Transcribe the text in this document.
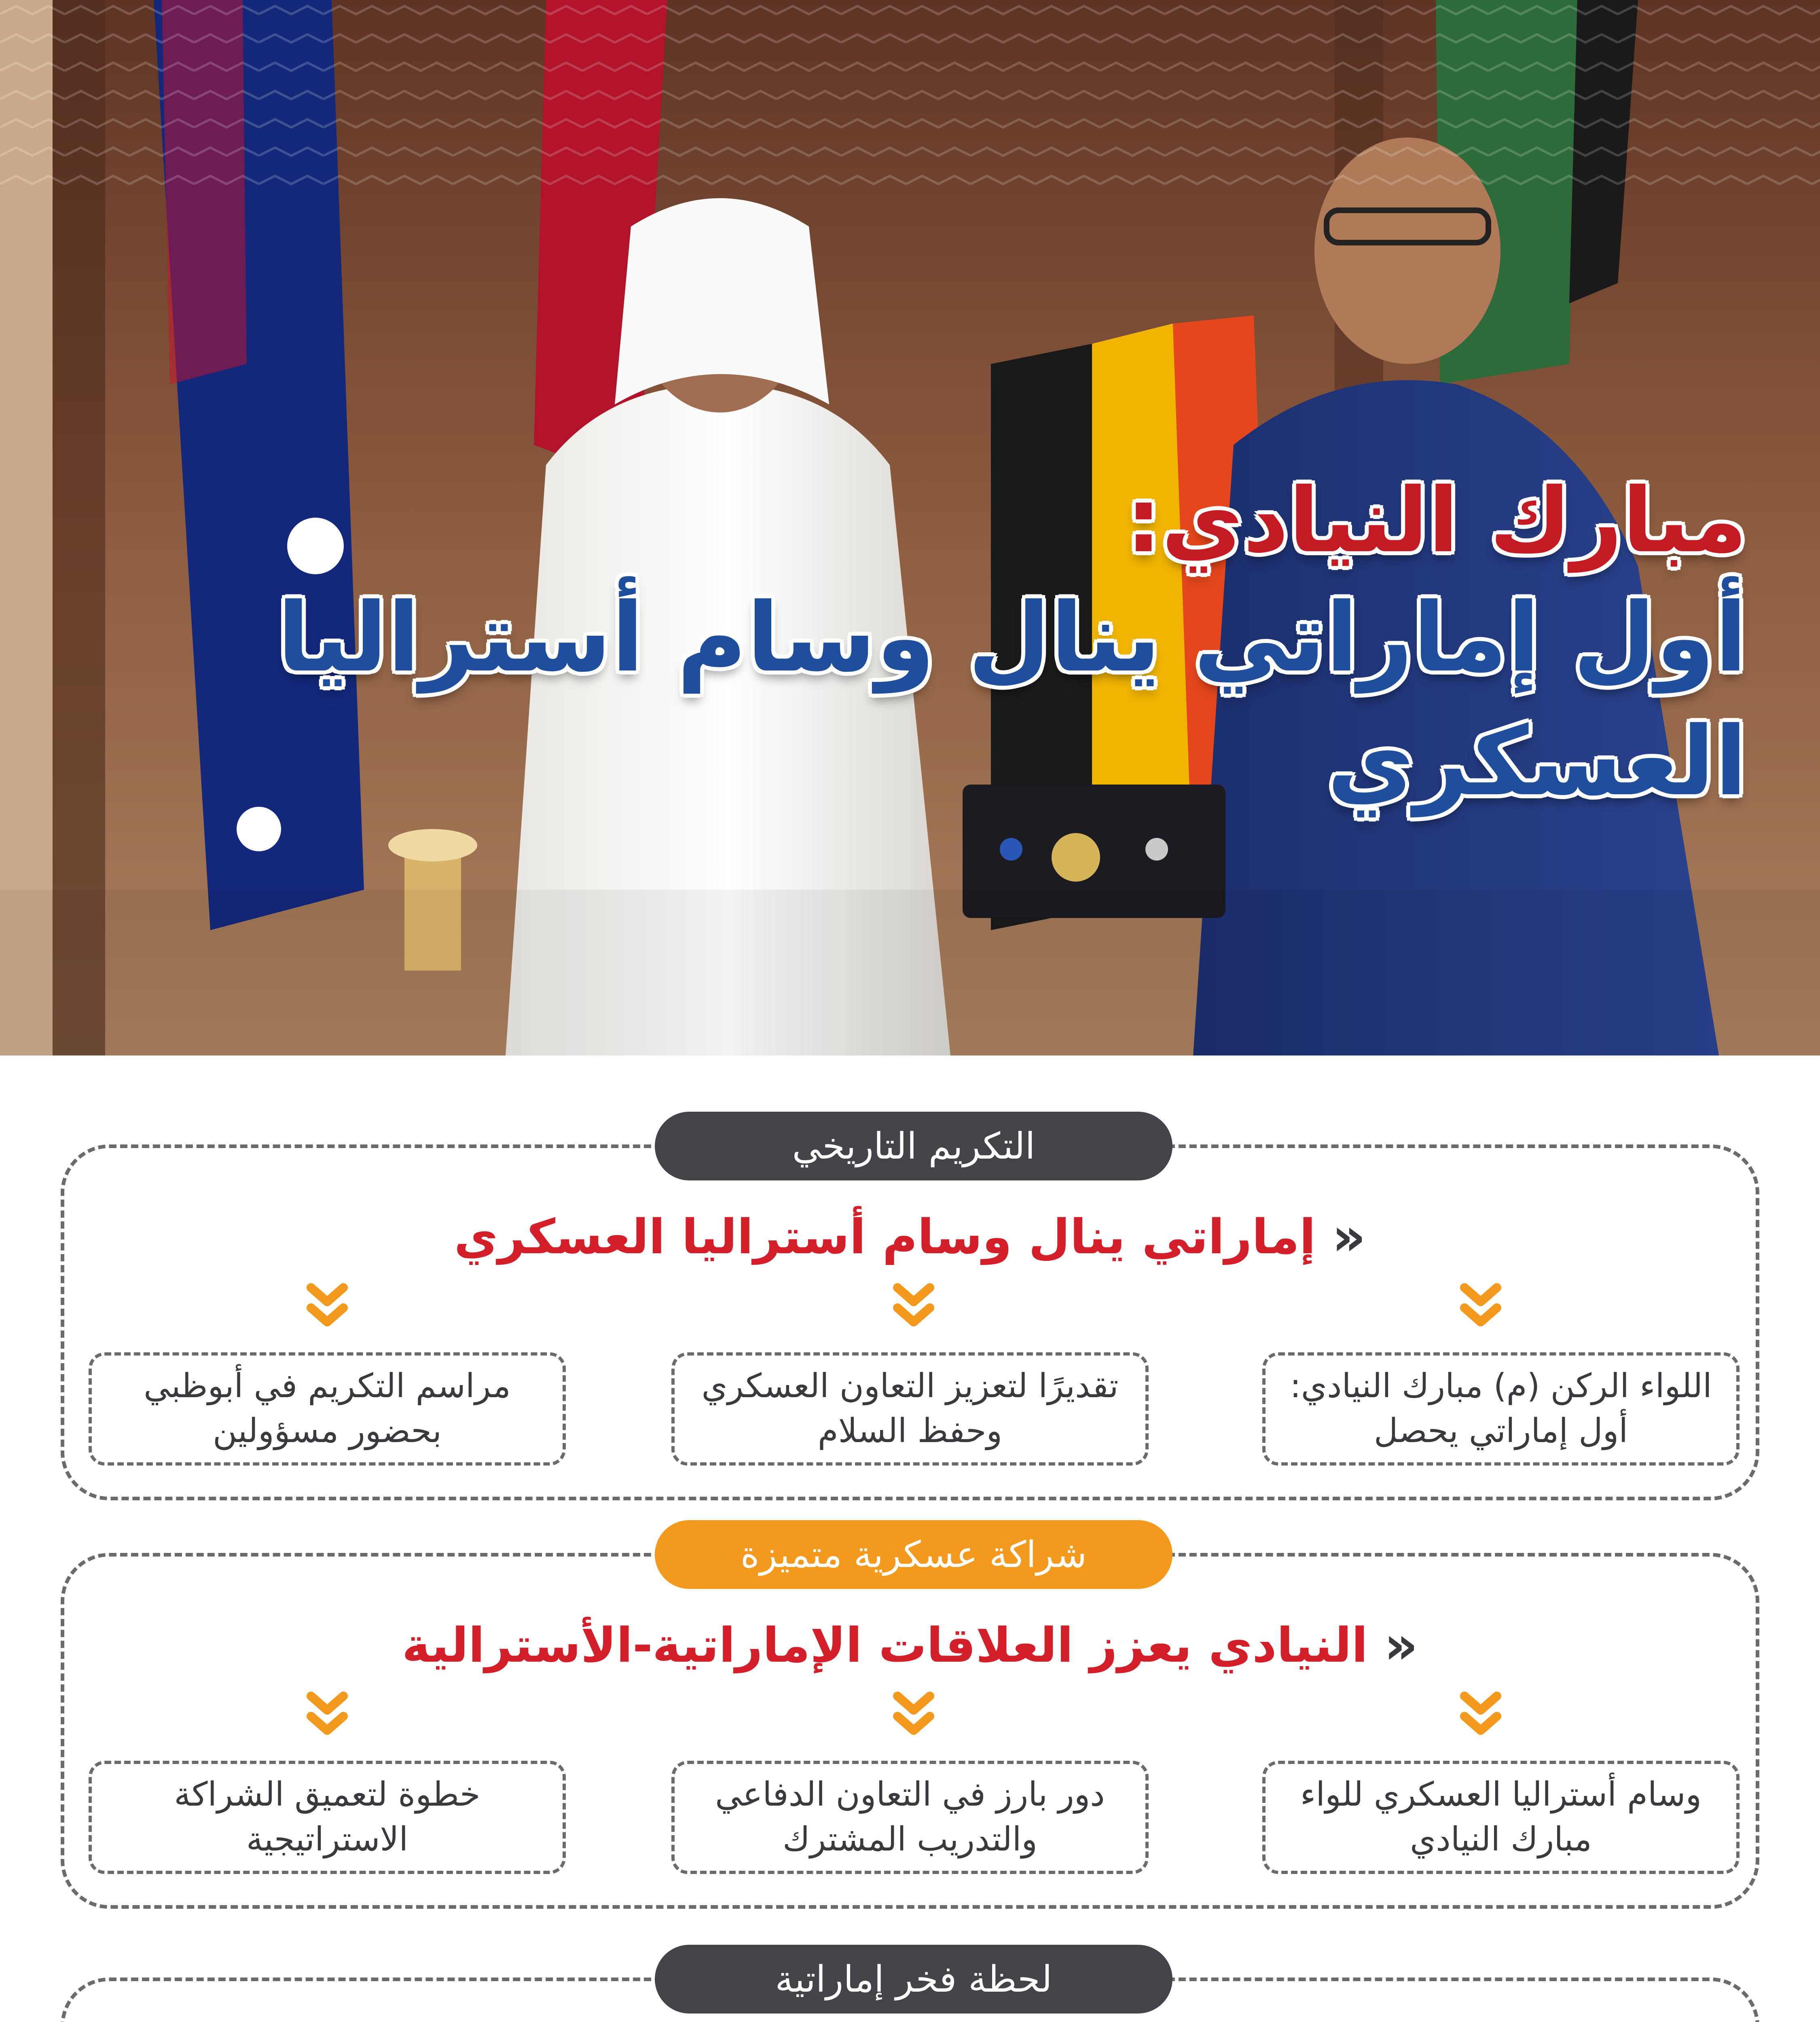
مبارك النيادي:
أول إماراتي ينال وسام أستراليا العسكري
التكريم التاريخي
«
إماراتي ينال وسام أستراليا العسكري
اللواء الركن (م) مبارك النيادي: أول إماراتي يحصل
تقديرًا لتعزيز التعاون العسكري وحفظ السلام
مراسم التكريم في أبوظبي بحضور مسؤولين
شراكة عسكرية متميزة
«
النيادي يعزز العلاقات الإماراتية-الأسترالية
وسام أستراليا العسكري للواء مبارك النيادي
دور بارز في التعاون الدفاعي والتدريب المشترك
خطوة لتعميق الشراكة الاستراتيجية
لحظة فخر إماراتية
